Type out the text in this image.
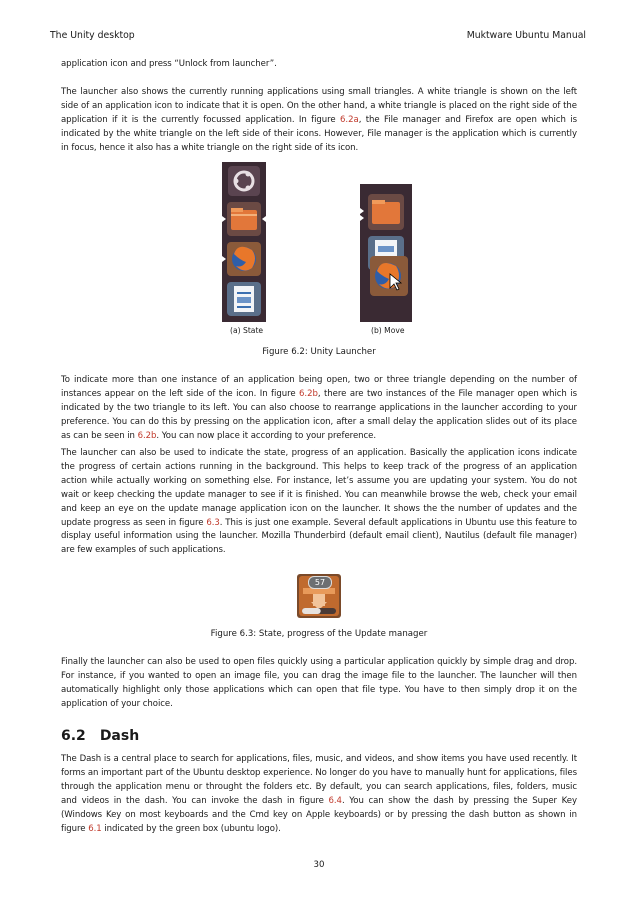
The Unity desktop	Muktware Ubuntu Manual

application icon and press “Unlock from launcher”.

The launcher also shows the currently running applications using small triangles. A white triangle is shown on the left side of an application icon to indicate that it is open. On the other hand, a white triangle is placed on the right side of the application if it is the currently focussed application. In figure 6.2a, the File manager and Firefox are open which is indicated by the white triangle on the left side of their icons. However, File manager is the application which is currently in focus, hence it also has a white triangle on the right side of its icon.

(a) State	(b) Move
Figure 6.2: Unity Launcher

To indicate more than one instance of an application being open, two or three triangle depending on the number of instances appear on the left side of the icon. In figure 6.2b, there are two instances of the File manager open which is indicated by the two triangle to its left. You can also choose to rearrange applications in the launcher according to your preference. You can do this by pressing on the application icon, after a small delay the application slides out of its place as can be seen in 6.2b. You can now place it according to your preference.

The launcher can also be used to indicate the state, progress of an application. Basically the application icons indicate the progress of certain actions running in the background. This helps to keep track of the progress of an application action while actually working on something else. For instance, let’s assume you are updating your system. You do not wait or keep checking the update manager to see if it is finished. You can meanwhile browse the web, check your email and keep an eye on the update manage application icon on the launcher. It shows the the number of updates and the update progress as seen in figure 6.3. This is just one example. Several default applications in Ubuntu use this feature to display useful information using the launcher. Mozilla Thunderbird (default email client), Nautilus (default file manager) are few examples of such applications.

57
Figure 6.3: State, progress of the Update manager

Finally the launcher can also be used to open files quickly using a particular application quickly by simple drag and drop. For instance, if you wanted to open an image file, you can drag the image file to the launcher. The launcher will then automatically highlight only those applications which can open that file type. You have to then simply drop it on the application of your choice.

6.2 Dash

The Dash is a central place to search for applications, files, music, and videos, and show items you have used recently. It forms an important part of the Ubuntu desktop experience. No longer do you have to manually hunt for applications, files through the application menu or throught the folders etc. By default, you can search applications, files, folders, music and videos in the dash. You can invoke the dash in figure 6.4. You can show the dash by pressing the Super Key (Windows Key on most keyboards and the Cmd key on Apple keyboards) or by pressing the dash button as shown in figure 6.1 indicated by the green box (ubuntu logo).

30
